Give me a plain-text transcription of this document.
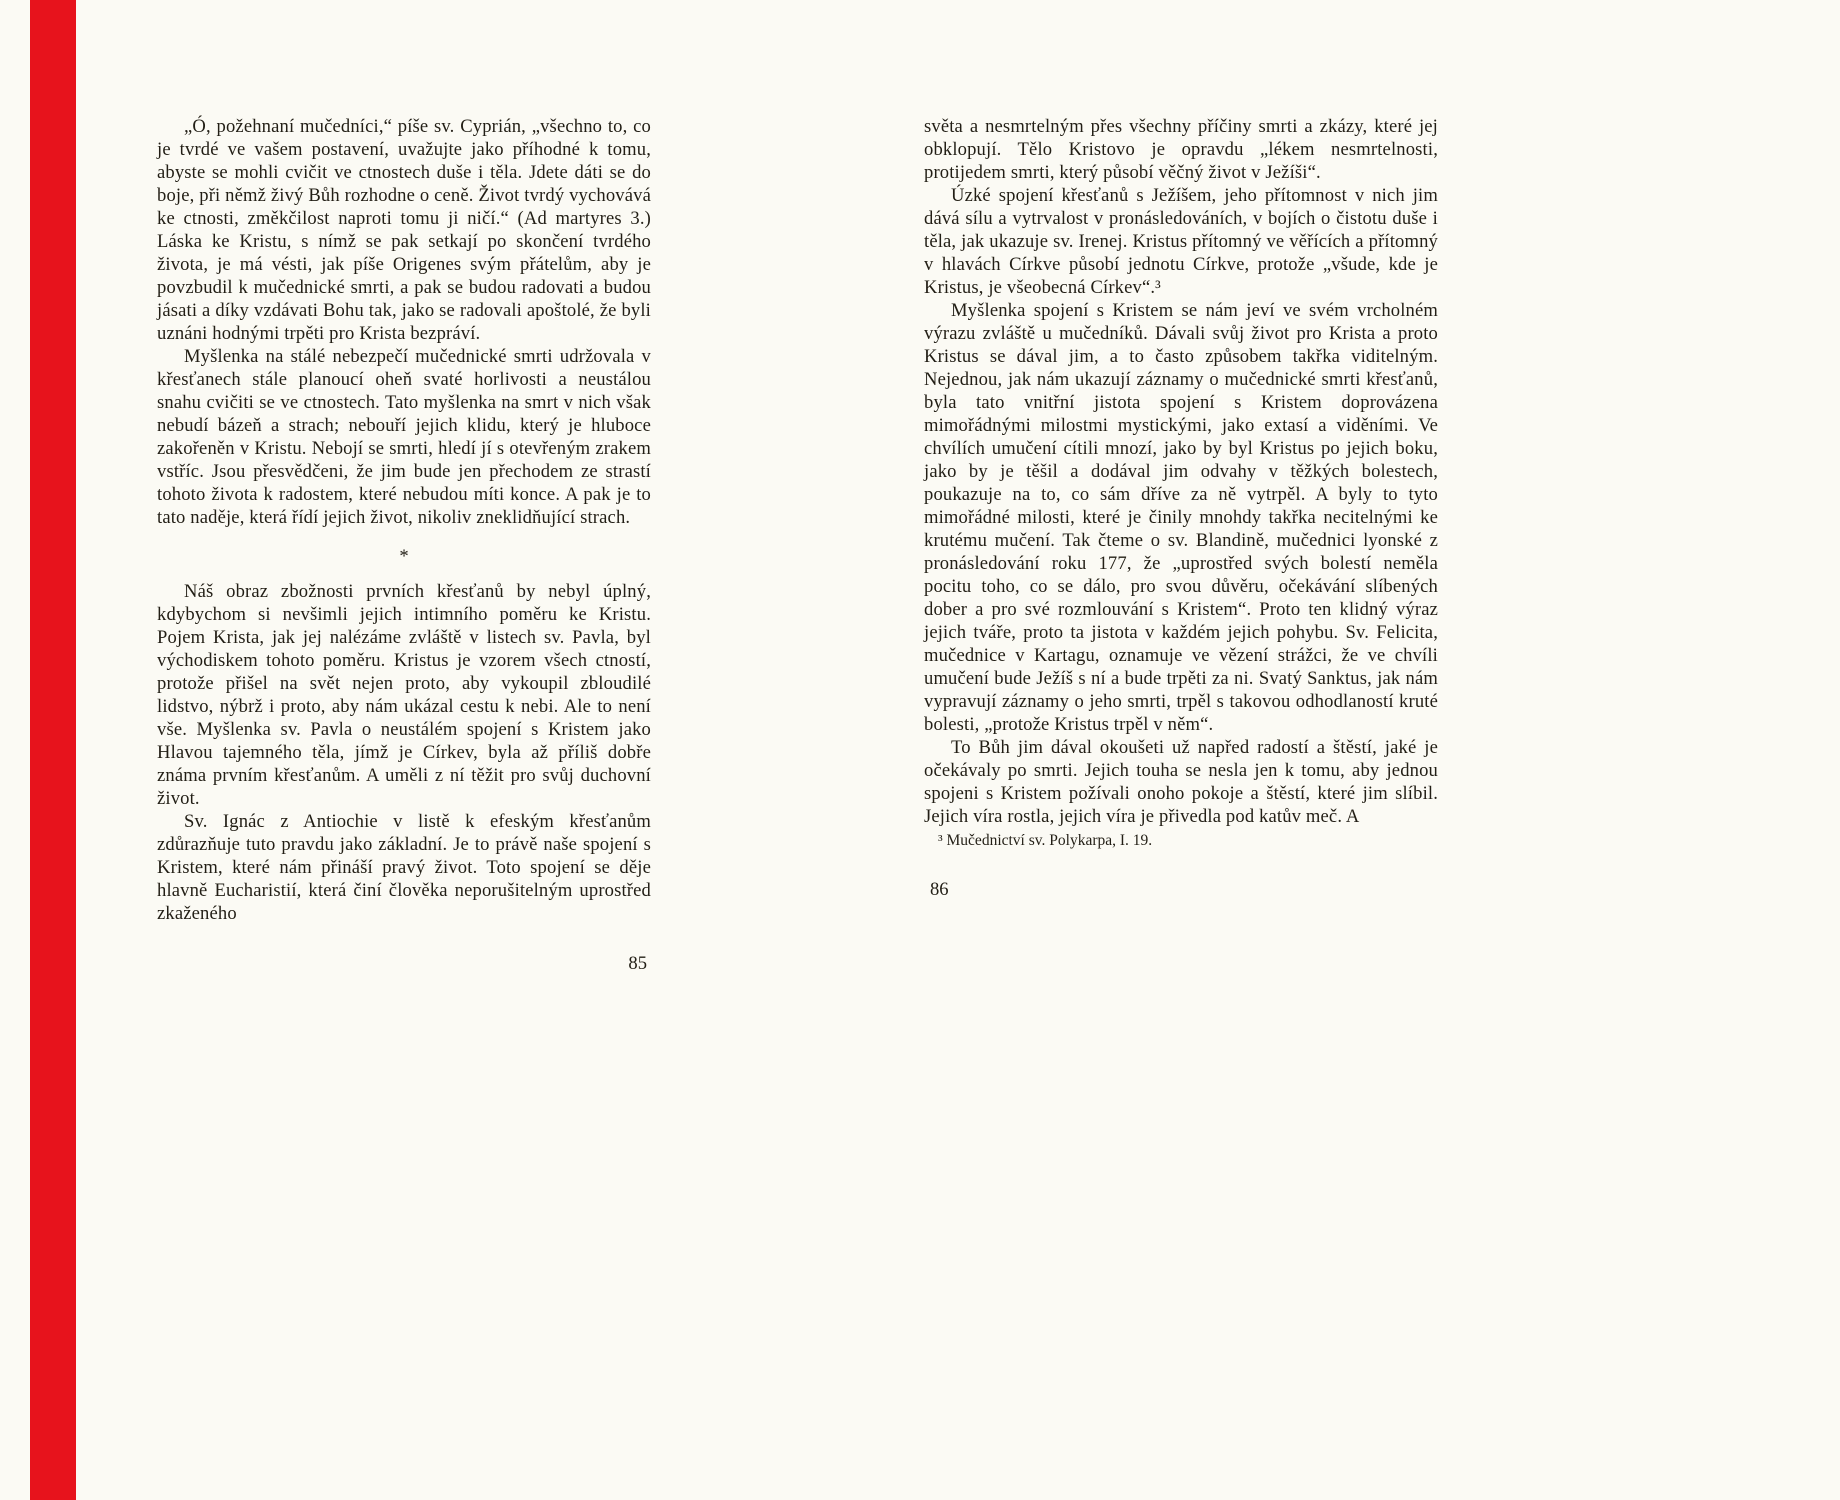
„Ó, požehnaní mučedníci,“ píše sv. Cyprián, „všechno to, co je tvrdé ve vašem postavení, uvažujte jako příhodné k tomu, abyste se mohli cvičit ve ctnostech duše i těla. Jdete dáti se do boje, při němž živý Bůh rozhodne o ceně. Život tvrdý vychovává ke ctnosti, změkčilost naproti tomu ji ničí.“ (Ad martyres 3.) Láska ke Kristu, s nímž se pak setkají po skončení tvrdého života, je má vésti, jak píše Origenes svým přátelům, aby je povzbudil k mučednické smrti, a pak se budou radovati a budou jásati a díky vzdávati Bohu tak, jako se radovali apoštolé, že byli uznáni hodnými trpěti pro Krista bezpráví.

Myšlenka na stálé nebezpečí mučednické smrti udržovala v křesťanech stále planoucí oheň svaté horlivosti a neustálou snahu cvičiti se ve ctnostech. Tato myšlenka na smrt v nich však nebudí bázeň a strach; nebouří jejich klidu, který je hluboce zakořeněn v Kristu. Nebojí se smrti, hledí jí s otevřeným zrakem vstříc. Jsou přesvědčeni, že jim bude jen přechodem ze strastí tohoto života k radostem, které nebudou míti konce. A pak je to tato naděje, která řídí jejich život, nikoliv zneklidňující strach.

*

Náš obraz zbožnosti prvních křesťanů by nebyl úplný, kdybychom si nevšimli jejich intimního poměru ke Kristu. Pojem Krista, jak jej nalézáme zvláště v listech sv. Pavla, byl východiskem tohoto poměru. Kristus je vzorem všech ctností, protože přišel na svět nejen proto, aby vykoupil zbloudilé lidstvo, nýbrž i proto, aby nám ukázal cestu k nebi. Ale to není vše. Myšlenka sv. Pavla o neustálém spojení s Kristem jako Hlavou tajemného těla, jímž je Církev, byla až příliš dobře známa prvním křesťanům. A uměli z ní těžit pro svůj duchovní život.

Sv. Ignác z Antiochie v listě k efeským křesťanům zdůrazňuje tuto pravdu jako základní. Je to právě naše spojení s Kristem, které nám přináší pravý život. Toto spojení se děje hlavně Eucharistií, která činí člověka neporušitelným uprostřed zkaženého

85

světa a nesmrtelným přes všechny příčiny smrti a zkázy, které jej obklopují. Tělo Kristovo je opravdu „lékem nesmrtelnosti, protijedem smrti, který působí věčný život v Ježíši“.

Úzké spojení křesťanů s Ježíšem, jeho přítomnost v nich jim dává sílu a vytrvalost v pronásledováních, v bojích o čistotu duše i těla, jak ukazuje sv. Irenej. Kristus přítomný ve věřících a přítomný v hlavách Církve působí jednotu Církve, protože „všude, kde je Kristus, je všeobecná Církev“.³

Myšlenka spojení s Kristem se nám jeví ve svém vrcholném výrazu zvláště u mučedníků. Dávali svůj život pro Krista a proto Kristus se dával jim, a to často způsobem takřka viditelným. Nejednou, jak nám ukazují záznamy o mučednické smrti křesťanů, byla tato vnitřní jistota spojení s Kristem doprovázena mimořádnými milostmi mystickými, jako extasí a viděními. Ve chvílích umučení cítili mnozí, jako by byl Kristus po jejich boku, jako by je těšil a dodával jim odvahy v těžkých bolestech, poukazuje na to, co sám dříve za ně vytrpěl. A byly to tyto mimořádné milosti, které je činily mnohdy takřka necitelnými ke krutému mučení. Tak čteme o sv. Blandině, mučednici lyonské z pronásledování roku 177, že „uprostřed svých bolestí neměla pocitu toho, co se dálo, pro svou důvěru, očekávání slíbených dober a pro své rozmlouvání s Kristem“. Proto ten klidný výraz jejich tváře, proto ta jistota v každém jejich pohybu. Sv. Felicita, mučednice v Kartagu, oznamuje ve vězení strážci, že ve chvíli umučení bude Ježíš s ní a bude trpěti za ni. Svatý Sanktus, jak nám vypravují záznamy o jeho smrti, trpěl s takovou odhodlaností kruté bolesti, „protože Kristus trpěl v něm“.

To Bůh jim dával okoušeti už napřed radostí a štěstí, jaké je očekávaly po smrti. Jejich touha se nesla jen k tomu, aby jednou spojeni s Kristem požívali onoho pokoje a štěstí, které jim slíbil. Jejich víra rostla, jejich víra je přivedla pod katův meč. A

³ Mučednictví sv. Polykarpa, I. 19.

86
